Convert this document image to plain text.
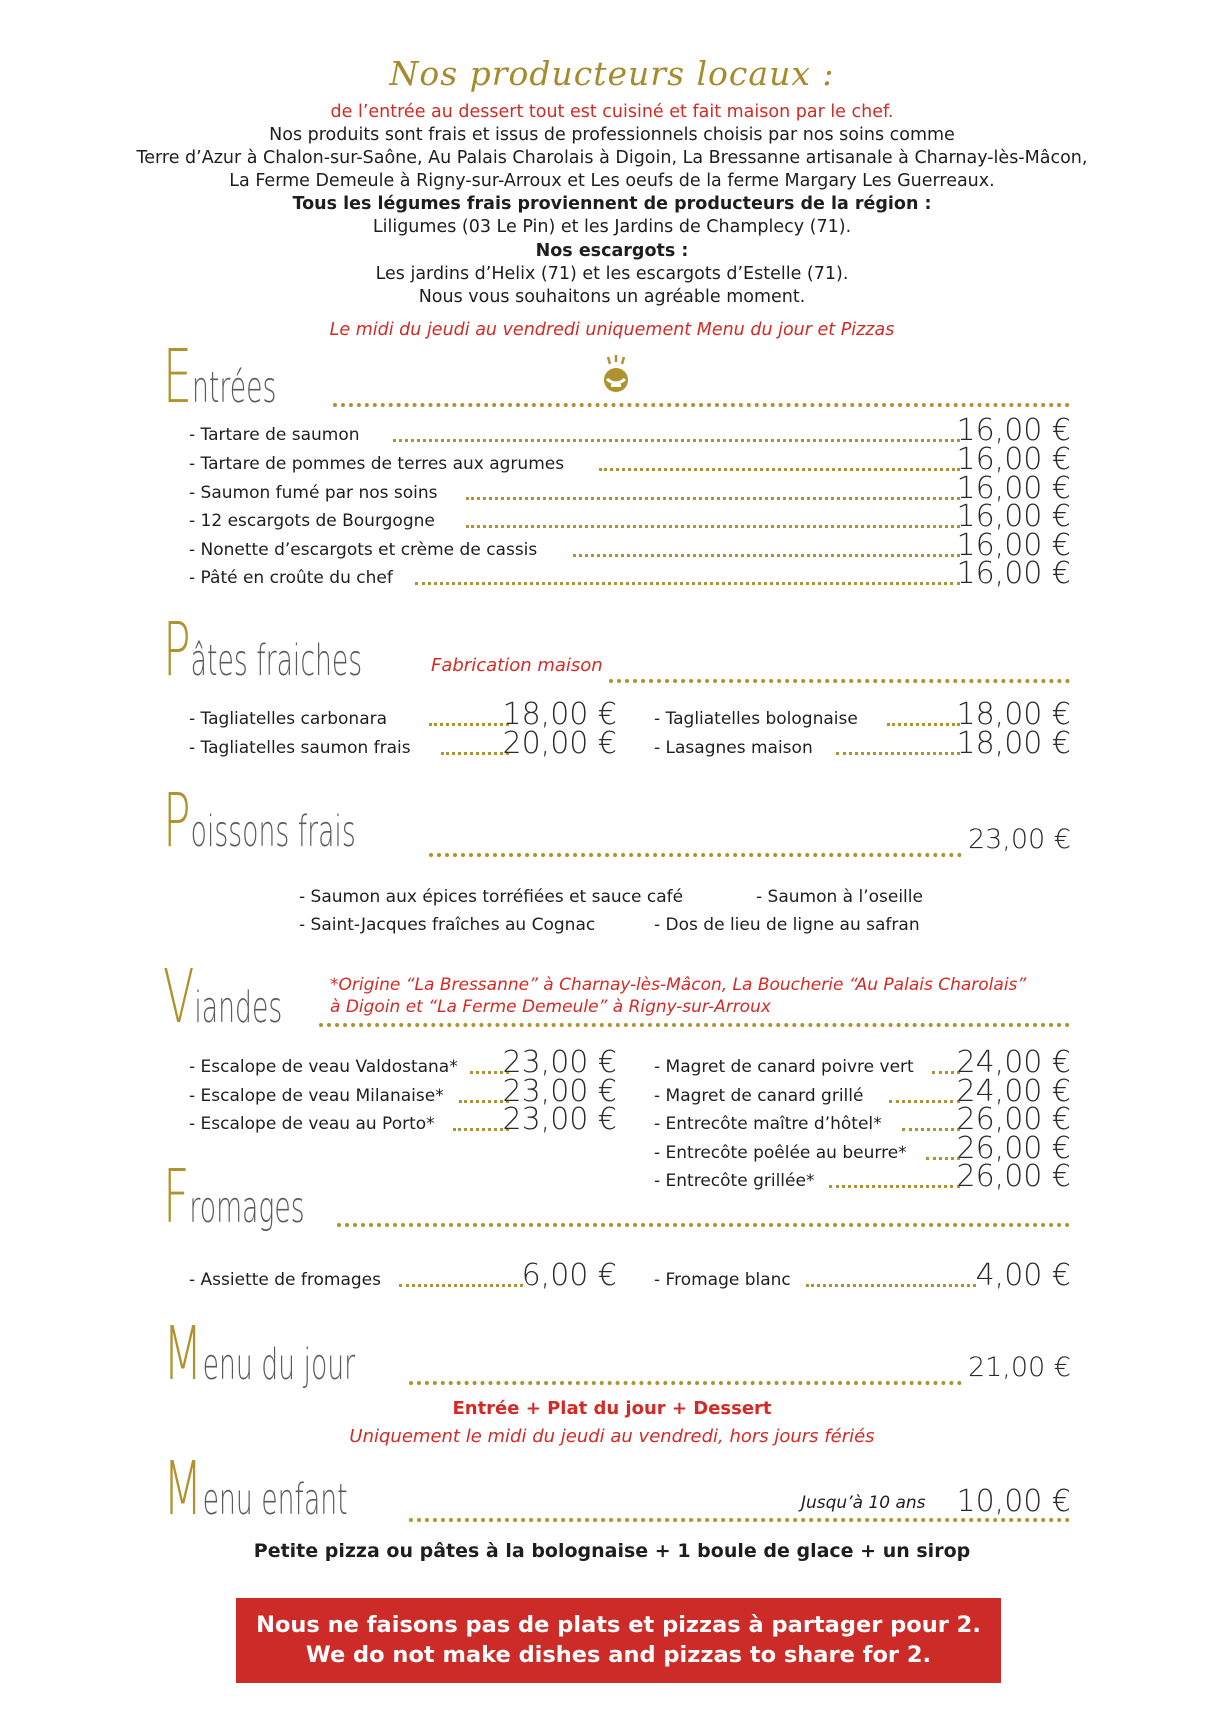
Nos producteurs locaux :
de l’entrée au dessert tout est cuisiné et fait maison par le chef.
Nos produits sont frais et issus de professionnels choisis par nos soins comme
Terre d’Azur à Chalon-sur-Saône, Au Palais Charolais à Digoin, La Bressanne artisanale à Charnay-lès-Mâcon,
La Ferme Demeule à Rigny-sur-Arroux et Les oeufs de la ferme Margary Les Guerreaux.
Tous les légumes frais proviennent de producteurs de la région :
Liligumes (03 Le Pin) et les Jardins de Champlecy (71).
Nos escargots :
Les jardins d’Helix (71) et les escargots d’Estelle (71).
Nous vous souhaitons un agréable moment.
Le midi du jeudi au vendredi uniquement Menu du jour et Pizzas
Entrées
- Tartare de saumon	16,00 €
- Tartare de pommes de terres aux agrumes	16,00 €
- Saumon fumé par nos soins	16,00 €
- 12 escargots de Bourgogne	16,00 €
- Nonette d’escargots et crème de cassis	16,00 €
- Pâté en croûte du chef	16,00 €
Pâtes fraiches	Fabrication maison
- Tagliatelles carbonara	18,00 €
- Tagliatelles saumon frais	20,00 €
- Tagliatelles bolognaise	18,00 €
- Lasagnes maison	18,00 €
Poissons frais	23,00 €
- Saumon aux épices torréfiées et sauce café	- Saumon à l’oseille
- Saint-Jacques fraîches au Cognac	- Dos de lieu de ligne au safran
Viandes	*Origine “La Bressanne” à Charnay-lès-Mâcon, La Boucherie “Au Palais Charolais”
à Digoin et “La Ferme Demeule” à Rigny-sur-Arroux
- Escalope de veau Valdostana* 23,00 €
- Escalope de veau Milanaise* 23,00 €
- Escalope de veau au Porto* 23,00 €
- Magret de canard poivre vert 24,00 €
- Magret de canard grillé	24,00 €
- Entrecôte maître d’hôtel* 26,00 €
- Entrecôte poêlée au beurre* 26,00 €
- Entrecôte grillée*	26,00 €
Fromages
- Assiette de fromages	6,00 € - Fromage blanc	4,00 €
Menu du jour	21,00 €
Entrée + Plat du jour + Dessert
Uniquement le midi du jeudi au vendredi, hors jours fériés
Menu enfant	Jusqu’à 10 ans 10,00 €
Petite pizza ou pâtes à la bolognaise + 1 boule de glace + un sirop
Nous ne faisons pas de plats et pizzas à partager pour 2.
We do not make dishes and pizzas to share for 2.
